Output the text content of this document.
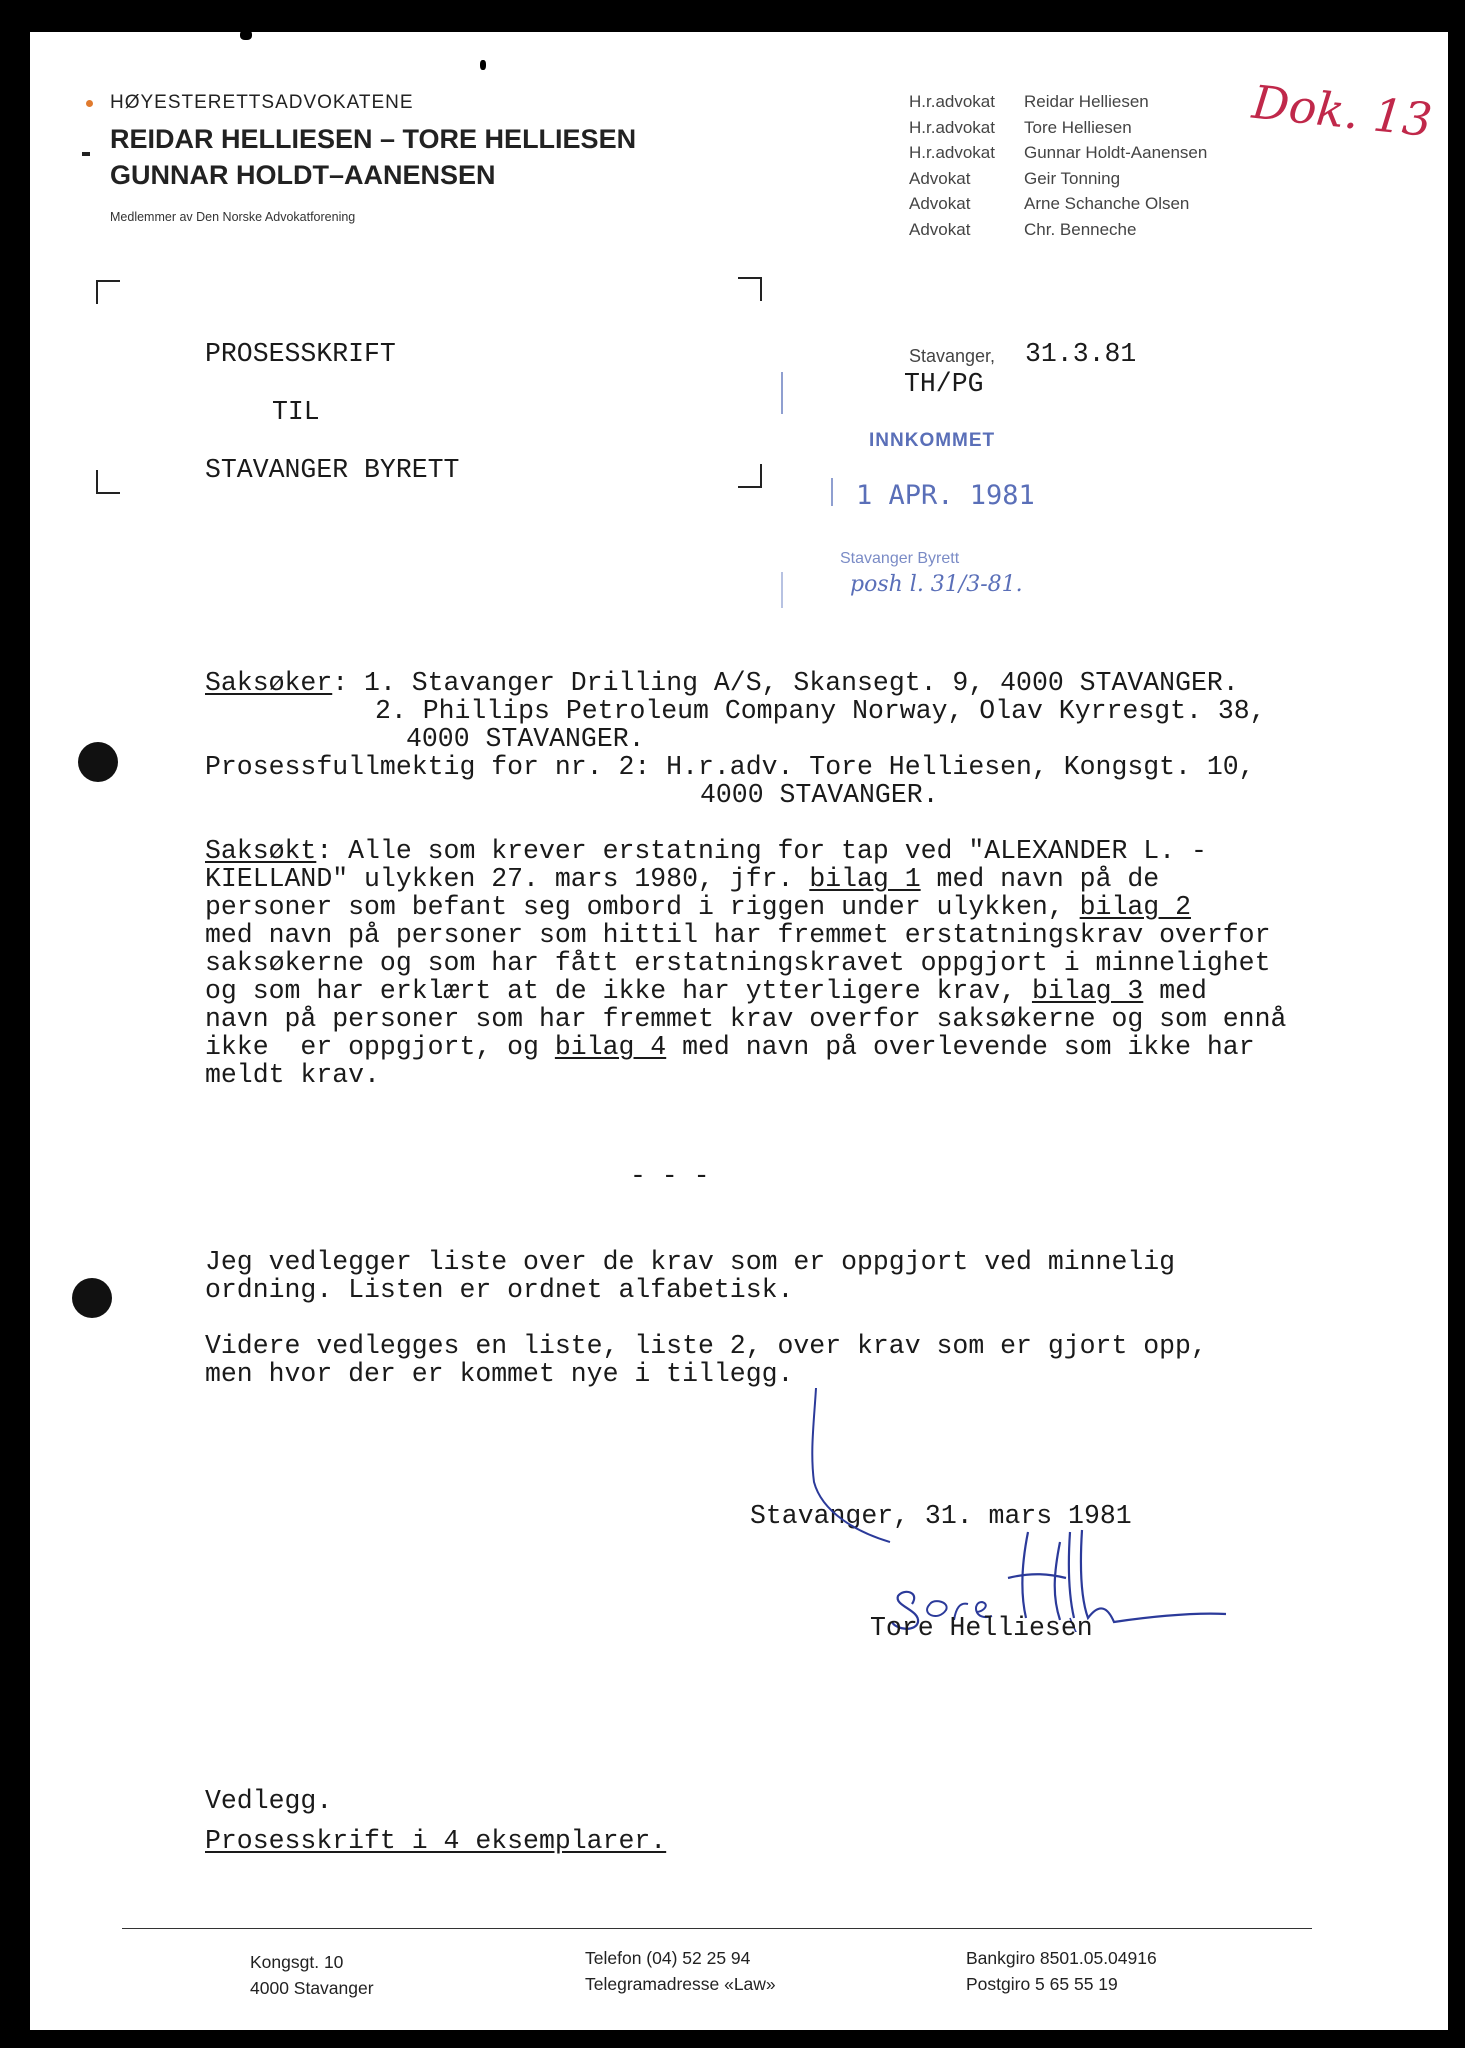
HØYESTERETTSADVOKATENE
REIDAR HELLIESEN – TORE HELLIESEN
GUNNAR HOLDT–AANENSEN
Medlemmer av Den Norske Advokatforening
H.r.advokat Reidar Helliesen
H.r.advokat Tore Helliesen
H.r.advokat Gunnar Holdt-Aanensen
Advokat	Geir Tonning
Advokat	Arne Schanche Olsen
Advokat	Chr. Benneche
Dok. 13
PROSESSKRIFT
TIL
STAVANGER BYRETT
Stavanger, 31.3.81
TH/PG
INNKOMMET
1 APR. 1981
Stavanger Byrett
posh l. 31/3-81.
Saksøker: 1. Stavanger Drilling A/S, Skansegt. 9, 4000 STAVANGER.
2. Phillips Petroleum Company Norway, Olav Kyrresgt. 38,
4000 STAVANGER.
Prosessfullmektig for nr. 2: H.r.adv. Tore Helliesen, Kongsgt. 10,
4000 STAVANGER.
Saksøkt: Alle som krever erstatning for tap ved "ALEXANDER L. -
KIELLAND" ulykken 27. mars 1980, jfr. bilag 1 med navn på de
personer som befant seg ombord i riggen under ulykken, bilag 2
med navn på personer som hittil har fremmet erstatningskrav overfor
saksøkerne og som har fått erstatningskravet oppgjort i minnelighet
og som har erklært at de ikke har ytterligere krav, bilag 3 med
navn på personer som har fremmet krav overfor saksøkerne og som ennå
ikke  er oppgjort, og bilag 4 med navn på overlevende som ikke har
meldt krav.
- - -
Jeg vedlegger liste over de krav som er oppgjort ved minnelig
ordning. Listen er ordnet alfabetisk.
Videre vedlegges en liste, liste 2, over krav som er gjort opp,
men hvor der er kommet nye i tillegg.
Stavanger, 31. mars 1981
Tore Helliesen
Vedlegg.
Prosesskrift i 4 eksemplarer.
Kongsgt. 10
4000 Stavanger
Telefon (04) 52 25 94
Telegramadresse «Law»
Bankgiro 8501.05.04916
Postgiro 5 65 55 19
